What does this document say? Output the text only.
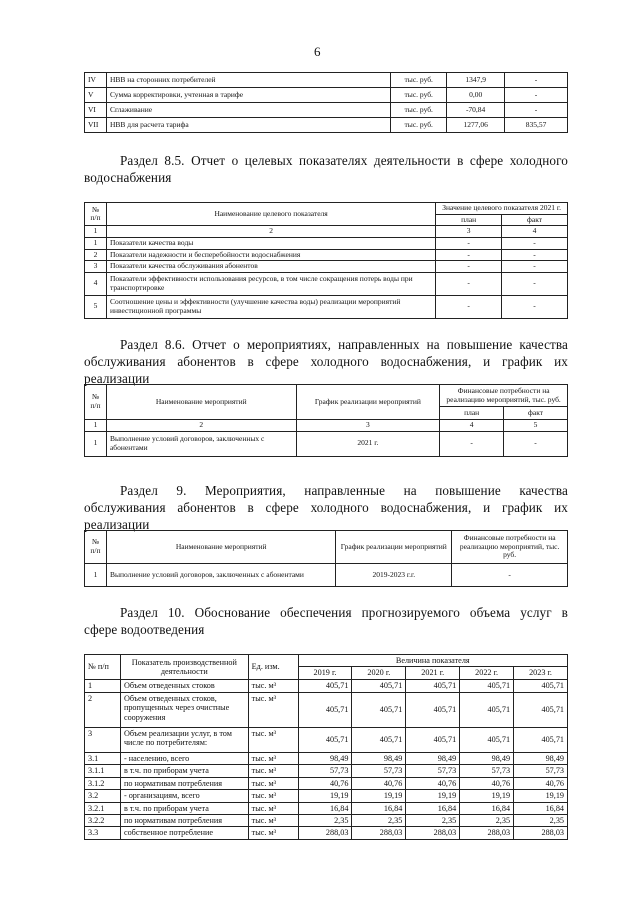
6
IV	НВВ на сторонних потребителей	тыс. руб.	1347,9	-
V	Сумма корректировки, учтенная в тарифе	тыс. руб.	0,00	-
VI	Сглаживание	тыс. руб.	-70,84	-
VII	НВВ для расчета тарифа	тыс. руб.	1277,06	835,57
Раздел 8.5. Отчет о целевых показателях деятельности в сфере холодного
водоснабжения
№ п/п	Наименование целевого показателя	Значение целевого показателя 2021 г.	
		план	факт
1	2	3	4
1	Показатели качества воды	-	-
2	Показатели надежности и бесперебойности водоснабжения	-	-
3	Показатели качества обслуживания абонентов	-	-
4	Показатели эффективности использования ресурсов, в том числе сокращения потерь воды при транспортировке	-	-
5	Соотношение цены и эффективности (улучшение качества воды) реализации мероприятий инвестиционной программы	-	-
Раздел 8.6. Отчет о мероприятиях, направленных на повышение качества
обслуживания абонентов в сфере холодного водоснабжения, и график их
реализации
№ п/п	Наименование мероприятий	График реализации мероприятий	Финансовые потребности на реализацию мероприятий, тыс. руб.	
			план	факт
1	2	3	4	5
1	Выполнение условий договоров, заключенных с абонентами	2021 г.	-	-
Раздел 9. Мероприятия, направленные на повышение качества
обслуживания абонентов в сфере холодного водоснабжения, и график их
реализации
№ п/п	Наименование мероприятий	График реализации мероприятий	Финансовые потребности на реализацию мероприятий, тыс. руб.
1	Выполнение условий договоров, заключенных с абонентами	2019-2023 г.г.	-
Раздел 10. Обоснование обеспечения прогнозируемого объема услуг в
сфере водоотведения
№ п/п	Показатель производственной деятельности	Ед. изм.	Величина показателя				
			2019 г.	2020 г.	2021 г.	2022 г.	2023 г.
1	Объем отведенных стоков	тыс. м³	405,71	405,71	405,71	405,71	405,71
2	Объем отведенных стоков, пропущенных через очистные сооружения	тыс. м³	405,71	405,71	405,71	405,71	405,71
3	Объем реализации услуг, в том числе по потребителям:	тыс. м³	405,71	405,71	405,71	405,71	405,71
3.1	- населению, всего	тыс. м³	98,49	98,49	98,49	98,49	98,49
3.1.1	в т.ч. по приборам учета	тыс. м³	57,73	57,73	57,73	57,73	57,73
3.1.2	по нормативам потребления	тыс. м³	40,76	40,76	40,76	40,76	40,76
3.2	- организациям, всего	тыс. м³	19,19	19,19	19,19	19,19	19,19
3.2.1	в т.ч. по приборам учета	тыс. м³	16,84	16,84	16,84	16,84	16,84
3.2.2	по нормативам потребления	тыс. м³	2,35	2,35	2,35	2,35	2,35
3.3	собственное потребление	тыс. м³	288,03	288,03	288,03	288,03	288,03
